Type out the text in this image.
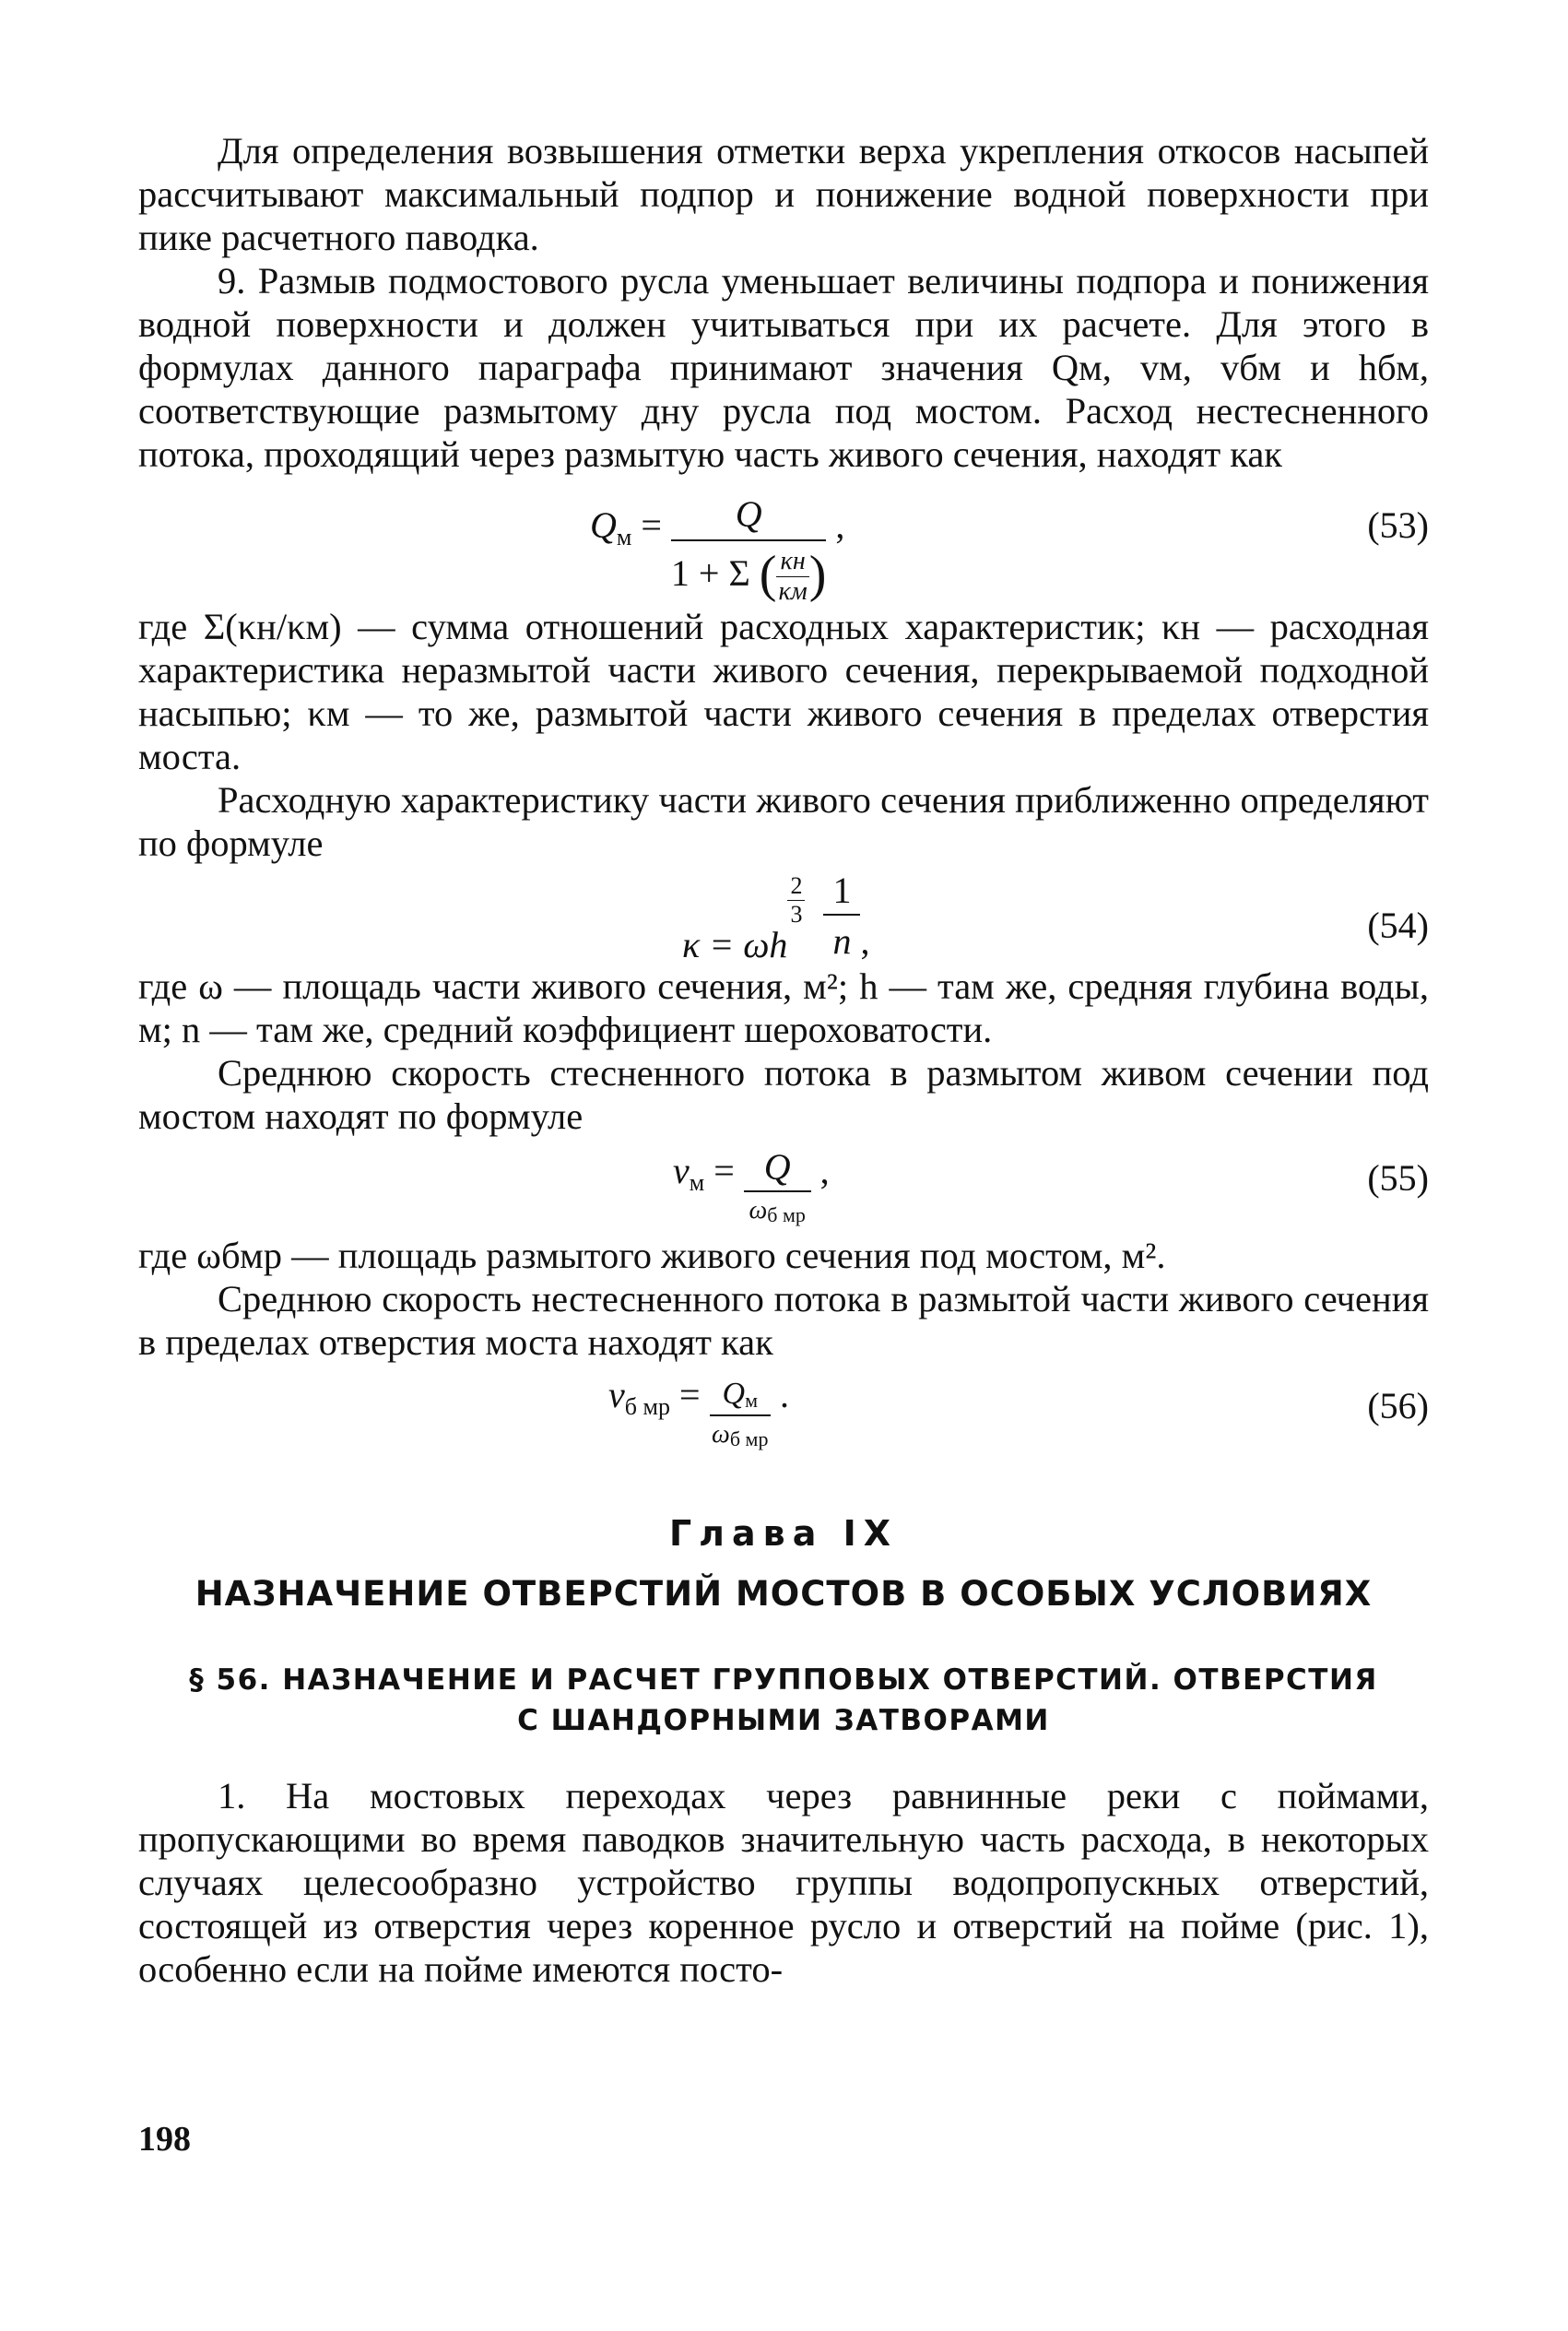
Для определения возвышения отметки верха укрепления откосов насыпей рассчитывают максимальный подпор и понижение водной поверхности при пике расчетного паводка.

9. Размыв подмостового русла уменьшает величины подпора и понижения водной поверхности и должен учитываться при их расчете. Для этого в формулах данного параграфа принимают значения Qм, vм, vбм и hбм, соответствующие размытому дну русла под мостом. Расход нестесненного потока, проходящий через размытую часть живого сечения, находят как

$Q_м = \frac{Q}{1 + \Sigma ( \frac{\kappa н}{\kappa м} )}$ ,	(53)

где Σ(κн/κм) — сумма отношений расходных характеристик; κн — расходная характеристика неразмытой части живого сечения, перекрываемой подходной насыпью; κм — то же, размытой части живого сечения в пределах отверстия моста.

Расходную характеристику части живого сечения приближенно определяют по формуле

κ = ωh
$\frac{2}{3}$
$\frac{1}{n}$ ,	(54)

где ω — площадь части живого сечения, м²; h — там же, средняя глубина воды, м; n — там же, средний коэффициент шероховатости.

Среднюю скорость стесненного потока в размытом живом сечении под мостом находят по формуле

$v_м = \frac{Q}{\text{ωб мр}}$ ,	(55)

где ωбмр — площадь размытого живого сечения под мостом, м².

Среднюю скорость нестесненного потока в размытой части живого сечения в пределах отверстия моста находят как

$v_{б мр} = \frac{Qм}{\text{ωб мр}}$ .	(56)

Глава IX

НАЗНАЧЕНИЕ ОТВЕРСТИЙ МОСТОВ В ОСОБЫХ УСЛОВИЯХ

§ 56. НАЗНАЧЕНИЕ И РАСЧЕТ ГРУППОВЫХ ОТВЕРСТИЙ. ОТВЕРСТИЯ

С ШАНДОРНЫМИ ЗАТВОРАМИ

1. На мостовых переходах через равнинные реки с поймами, пропускающими во время паводков значительную часть расхода, в некоторых случаях целесообразно устройство группы водопропускных отверстий, состоящей из отверстия через коренное русло и отверстий на пойме (рис. 1), особенно если на пойме имеются посто-

198
